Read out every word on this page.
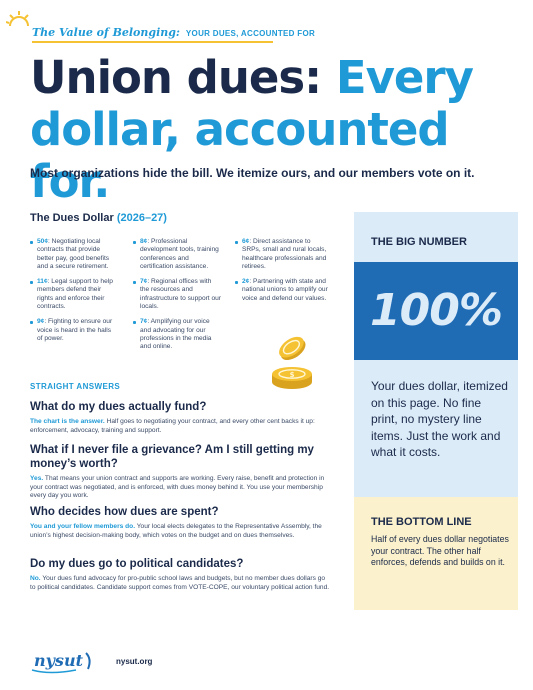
The Value of Belonging: YOUR DUES, ACCOUNTED FOR
Union dues: Every dollar, accounted for.
Most organizations hide the bill. We itemize ours, and our members vote on it.
The Dues Dollar (2026–27)
50¢: Negotiating local contracts that provide better pay, good benefits and a secure retirement.
11¢: Legal support to help members defend their rights and enforce their contracts.
9¢: Fighting to ensure our voice is heard in the halls of power.
8¢: Professional development tools, training conferences and certification assistance.
7¢: Regional offices with the resources and infrastructure to support our locals.
7¢: Amplifying our voice and advocating for our professions in the media and online.
6¢: Direct assistance to SRPs, small and rural locals, healthcare professionals and retirees.
2¢: Partnering with state and national unions to amplify our voice and defend our values.
$
STRAIGHT ANSWERS
What do my dues actually fund?
The chart is the answer. Half goes to negotiating your contract, and every other cent backs it up: enforcement, advocacy, training and support.
What if I never file a grievance? Am I still getting my money’s worth?
Yes. That means your union contract and supports are working. Every raise, benefit and protection in your contract was negotiated, and is enforced, with dues money behind it. You use your membership every day you work.
Who decides how dues are spent?
You and your fellow members do. Your local elects delegates to the Representative Assembly, the union’s highest decision-making body, which votes on the budget and on dues themselves.
Do my dues go to political candidates?
No. Your dues fund advocacy for pro-public school laws and budgets, but no member dues dollars go to political candidates. Candidate support comes from VOTE-COPE, our voluntary political action fund.
THE BIG NUMBER
100%
Your dues dollar, itemized on this page. No fine print, no mystery line items. Just the work and what it costs.
THE BOTTOM LINE
Half of every dues dollar negotiates your contract. The other half enforces, defends and builds on it.
nysut	nysut.org
